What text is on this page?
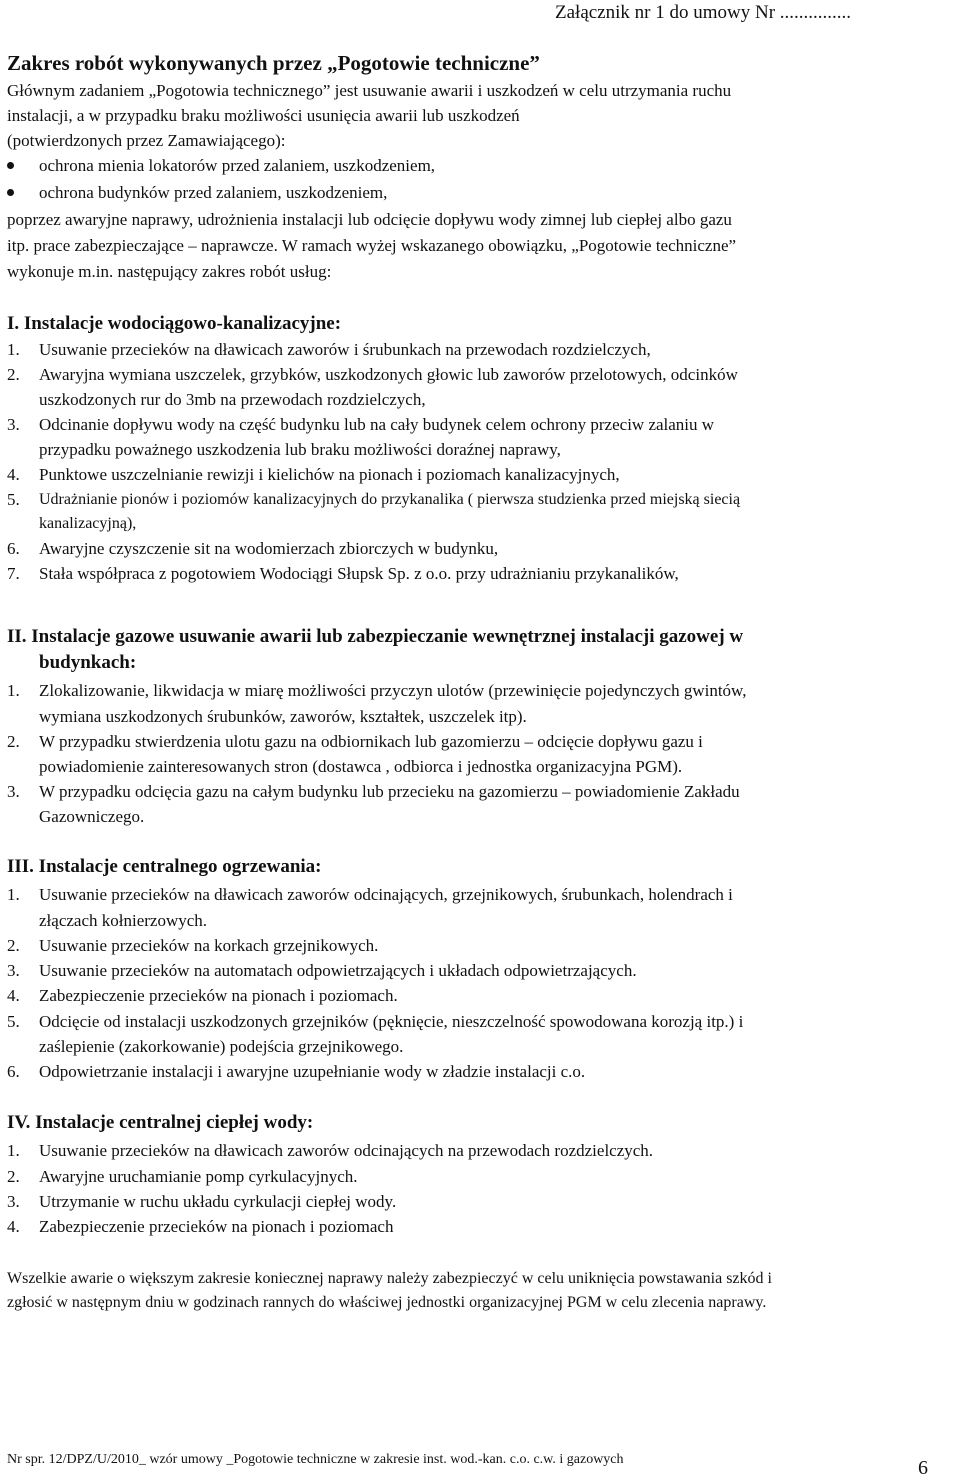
Załącznik nr 1 do umowy Nr ...............
Zakres robót wykonywanych przez „Pogotowie techniczne”
Głównym zadaniem „Pogotowia technicznego” jest usuwanie awarii i uszkodzeń w celu utrzymania ruchu
instalacji, a w przypadku braku możliwości usunięcia awarii lub uszkodzeń
(potwierdzonych przez Zamawiającego):
ochrona mienia lokatorów przed zalaniem, uszkodzeniem,
ochrona budynków przed zalaniem, uszkodzeniem,
poprzez awaryjne naprawy, udrożnienia instalacji lub odcięcie dopływu wody zimnej lub ciepłej albo gazu
itp. prace zabezpieczające – naprawcze. W ramach wyżej wskazanego obowiązku, „Pogotowie techniczne”
wykonuje m.in. następujący zakres robót usług:
I. Instalacje wodociągowo-kanalizacyjne:
1. Usuwanie przecieków na dławicach zaworów i śrubunkach na przewodach rozdzielczych,
2. Awaryjna wymiana uszczelek, grzybków, uszkodzonych głowic lub zaworów przelotowych, odcinków
uszkodzonych rur do 3mb na przewodach rozdzielczych,
3. Odcinanie dopływu wody na część budynku lub na cały budynek celem ochrony przeciw zalaniu w
przypadku poważnego uszkodzenia lub braku możliwości doraźnej naprawy,
4. Punktowe uszczelnianie rewizji i kielichów na pionach i poziomach kanalizacyjnych,
5. Udrażnianie pionów i poziomów kanalizacyjnych do przykanalika ( pierwsza studzienka przed miejską siecią
kanalizacyjną),
6. Awaryjne czyszczenie sit na wodomierzach zbiorczych w budynku,
7. Stała współpraca z pogotowiem Wodociągi Słupsk Sp. z o.o. przy udrażnianiu przykanalików,
II. Instalacje gazowe usuwanie awarii lub zabezpieczanie wewnętrznej instalacji gazowej w
budynkach:
1. Zlokalizowanie, likwidacja w miarę możliwości przyczyn ulotów (przewinięcie pojedynczych gwintów,
wymiana uszkodzonych śrubunków, zaworów, kształtek, uszczelek itp).
2. W przypadku stwierdzenia ulotu gazu na odbiornikach lub gazomierzu – odcięcie dopływu gazu i
powiadomienie zainteresowanych stron (dostawca , odbiorca i jednostka organizacyjna PGM).
3. W przypadku odcięcia gazu na całym budynku lub przecieku na gazomierzu – powiadomienie Zakładu
Gazowniczego.
III. Instalacje centralnego ogrzewania:
1. Usuwanie przecieków na dławicach zaworów odcinających, grzejnikowych, śrubunkach, holendrach i
złączach kołnierzowych.
2. Usuwanie przecieków na korkach grzejnikowych.
3. Usuwanie przecieków na automatach odpowietrzających i układach odpowietrzających.
4. Zabezpieczenie przecieków na pionach i poziomach.
5. Odcięcie od instalacji uszkodzonych grzejników (pęknięcie, nieszczelność spowodowana korozją itp.) i
zaślepienie (zakorkowanie) podejścia grzejnikowego.
6. Odpowietrzanie instalacji i awaryjne uzupełnianie wody w zładzie instalacji c.o.
IV. Instalacje centralnej ciepłej wody:
1. Usuwanie przecieków na dławicach zaworów odcinających na przewodach rozdzielczych.
2. Awaryjne uruchamianie pomp cyrkulacyjnych.
3. Utrzymanie w ruchu układu cyrkulacji ciepłej wody.
4. Zabezpieczenie przecieków na pionach i poziomach
Wszelkie awarie o większym zakresie koniecznej naprawy należy zabezpieczyć w celu uniknięcia powstawania szkód i
zgłosić w następnym dniu w godzinach rannych do właściwej jednostki organizacyjnej PGM w celu zlecenia naprawy.
Nr spr. 12/DPZ/U/2010_ wzór umowy _Pogotowie techniczne w zakresie inst. wod.-kan. c.o. c.w. i gazowych	6
